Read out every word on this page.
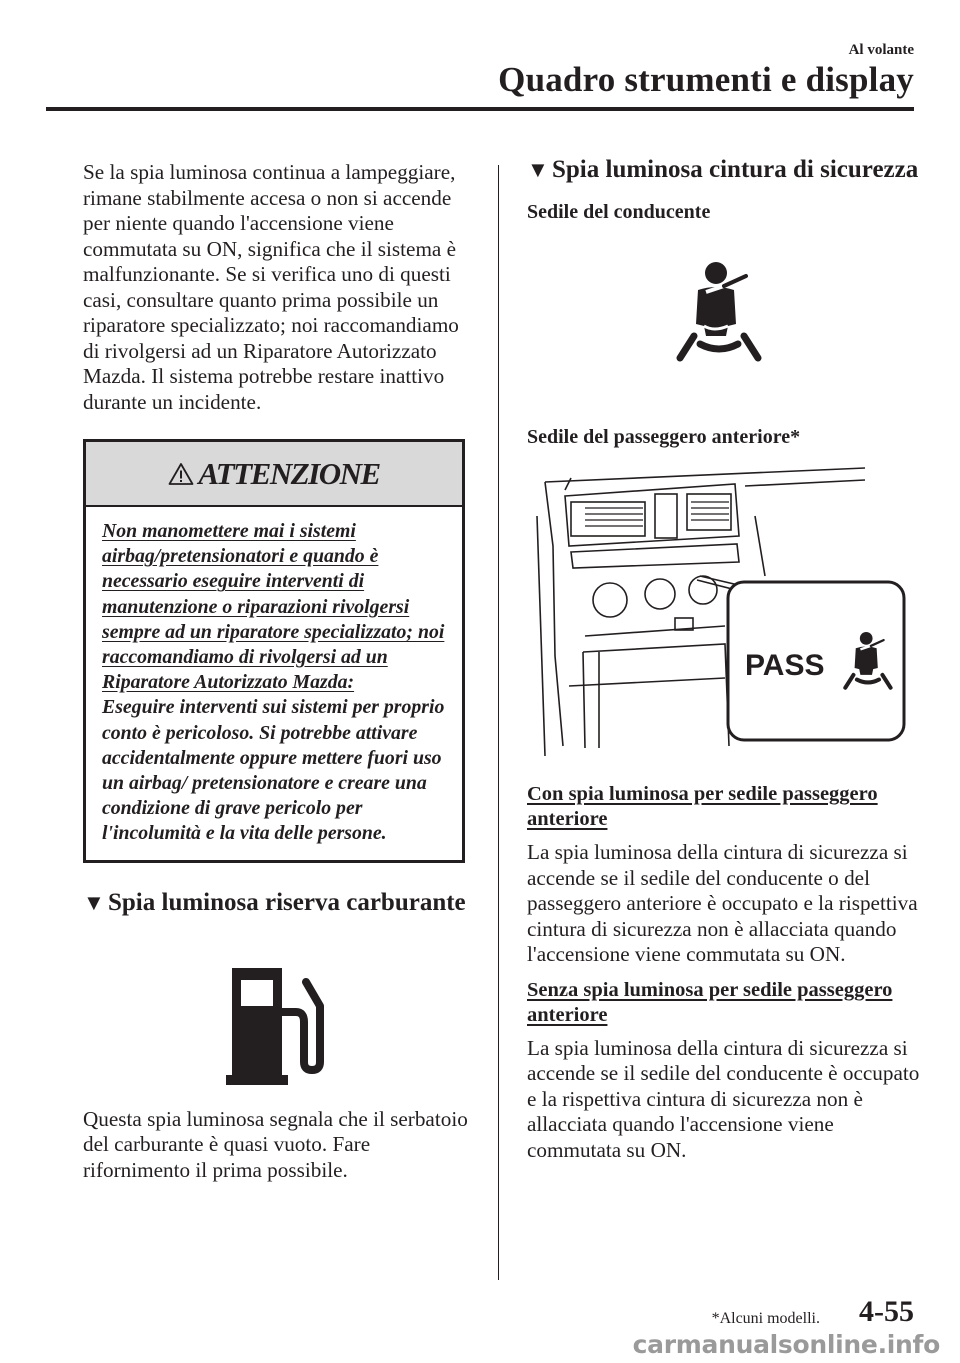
Al volante
Quadro strumenti e display

Se la spia luminosa continua a lampeggiare, rimane stabilmente accesa o non si accende per niente quando l'accensione viene commutata su ON, significa che il sistema è malfunzionante. Se si verifica uno di questi casi, consultare quanto prima possibile un riparatore specializzato; noi raccomandiamo di rivolgersi ad un Riparatore Autorizzato Mazda. Il sistema potrebbe restare inattivo durante un incidente.

ATTENZIONE
Non manomettere mai i sistemi airbag/pretensionatori e quando è necessario eseguire interventi di manutenzione o riparazioni rivolgersi sempre ad un riparatore specializzato; noi raccomandiamo di rivolgersi ad un Riparatore Autorizzato Mazda:
Eseguire interventi sui sistemi per proprio conto è pericoloso. Si potrebbe attivare accidentalmente oppure mettere fuori uso un airbag/ pretensionatore e creare una condizione di grave pericolo per l'incolumità e la vita delle persone.
▼ Spia luminosa riserva carburante

Questa spia luminosa segnala che il serbatoio del carburante è quasi vuoto. Fare rifornimento il prima possibile.

▼ Spia luminosa cintura di sicurezza

Sedile del conducente

Sedile del passeggero anteriore*

PASS

Con spia luminosa per sedile passeggero anteriore

La spia luminosa della cintura di sicurezza si accende se il sedile del conducente o del passeggero anteriore è occupato e la rispettiva cintura di sicurezza non è allacciata quando l'accensione viene commutata su ON.

Senza spia luminosa per sedile passeggero anteriore

La spia luminosa della cintura di sicurezza si accende se il sedile del conducente è occupato e la rispettiva cintura di sicurezza non è allacciata quando l'accensione viene commutata su ON.

*Alcuni modelli. 4-55
carmanualsonline.info
